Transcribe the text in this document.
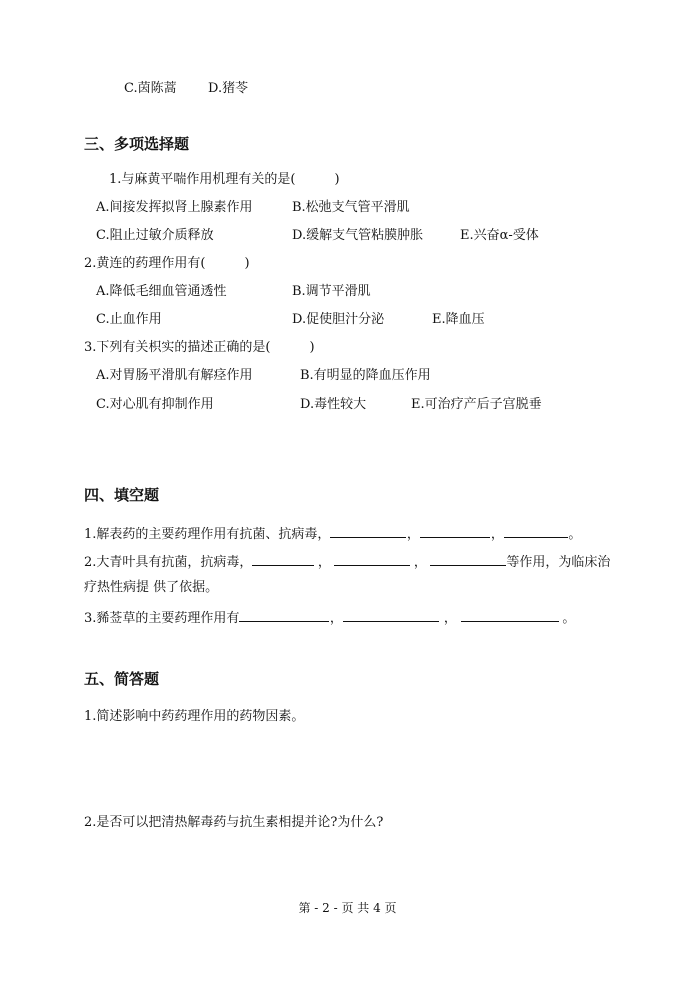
C.茵陈蒿 D.猪苓
三、多项选择题
1.与麻黄平喘作用机理有关的是(　　　)
A.间接发挥拟肾上腺素作用	B.松弛支气管平滑肌
C.阻止过敏介质释放	D.缓解支气管粘膜肿胀	E.兴奋α-受体
2.黄连的药理作用有(　　　)
A.降低毛细血管通透性	B.调节平滑肌
C.止血作用	D.促使胆汁分泌	E.降血压
3.下列有关枳实的描述正确的是(　　　)
A.对胃肠平滑肌有解痉作用	B.有明显的降血压作用
C.对心肌有抑制作用	D.毒性较大	E.可治疗产后子宫脱垂
四、填空题
1.解表药的主要药理作用有抗菌、抗病毒，	，	，	。
2.大青叶具有抗菌，抗病毒，	，	，	等作用，为临床治
疗热性病提 供了依据。
3.豨莶草的主要药理作用有	，	，	。
五、简答题
1.简述影响中药药理作用的药物因素。
2.是否可以把清热解毒药与抗生素相提并论?为什么?
第 - 2 - 页 共 4 页
